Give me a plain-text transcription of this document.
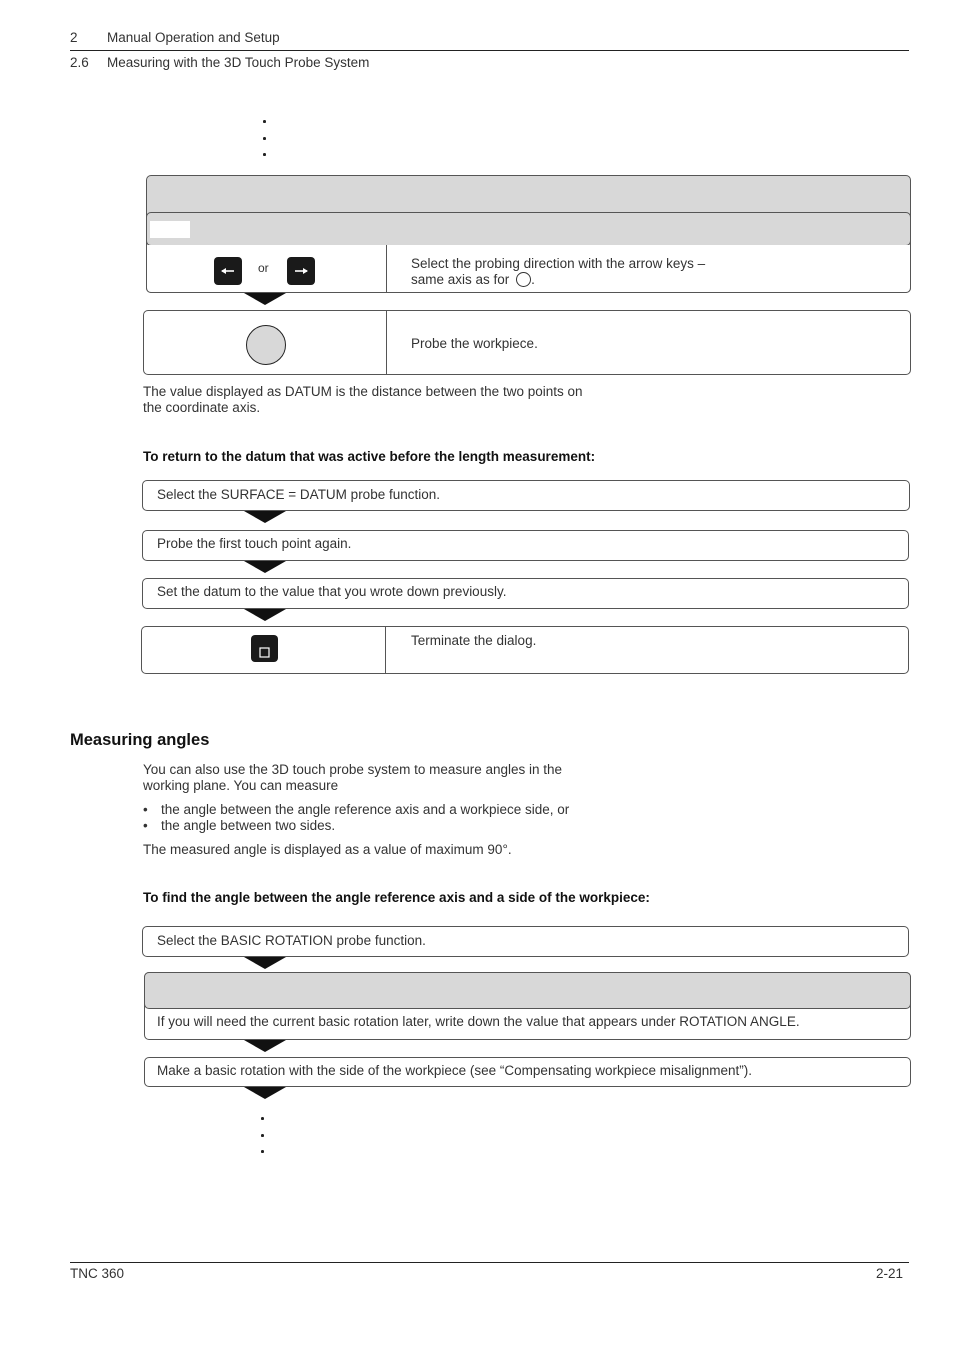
2 Manual Operation and Setup
2.6 Measuring with the 3D Touch Probe System
or	Select the probing direction with the arrow keys –
same axis as for .
Probe the workpiece.
The value displayed as DATUM is the distance between the two points on
the coordinate axis.
To return to the datum that was active before the length measurement:
Select the SURFACE = DATUM probe function.
Probe the first touch point again.
Set the datum to the value that you wrote down previously.
Terminate the dialog.
Measuring angles
You can also use the 3D touch probe system to measure angles in the
working plane. You can measure
• the angle between the angle reference axis and a workpiece side, or
• the angle between two sides.
The measured angle is displayed as a value of maximum 90°.
To find the angle between the angle reference axis and a side of the workpiece:
Select the BASIC ROTATION probe function.
If you will need the current basic rotation later, write down the value that appears under ROTATION ANGLE.
Make a basic rotation with the side of the workpiece (see “Compensating workpiece misalignment”).
TNC 360	2-21
